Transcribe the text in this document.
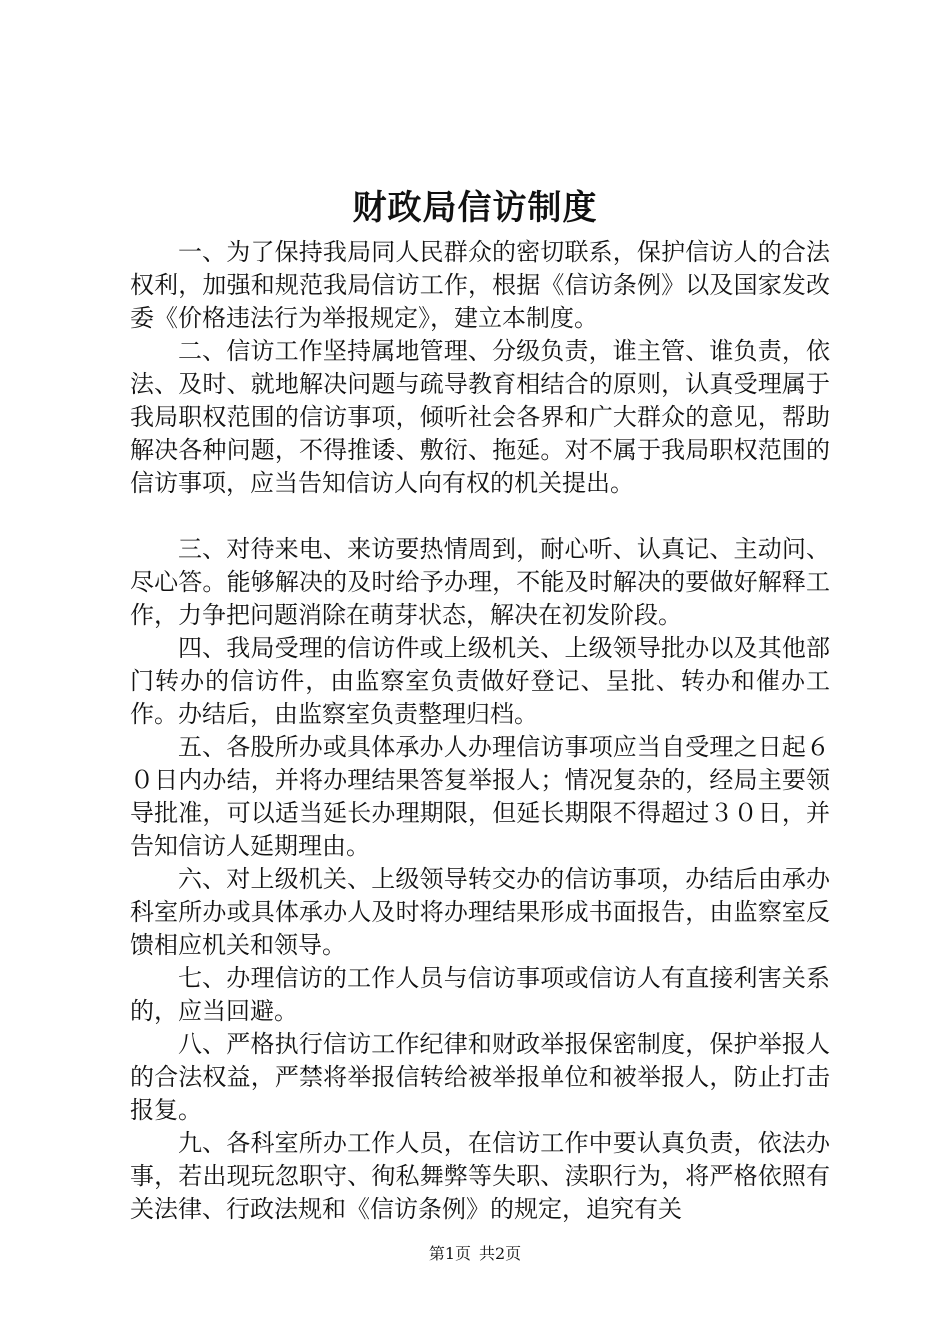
财政局信访制度

一、为了保持我局同人民群众的密切联系，保护信访人的合法权利，加强和规范我局信访工作，根据《信访条例》以及国家发改委《价格违法行为举报规定》，建立本制度。

二、信访工作坚持属地管理、分级负责，谁主管、谁负责，依法、及时、就地解决问题与疏导教育相结合的原则，认真受理属于我局职权范围的信访事项，倾听社会各界和广大群众的意见，帮助解决各种问题，不得推诿、敷衍、拖延。对不属于我局职权范围的信访事项，应当告知信访人向有权的机关提出。

三、对待来电、来访要热情周到，耐心听、认真记、主动问、尽心答。能够解决的及时给予办理，不能及时解决的要做好解释工作，力争把问题消除在萌芽状态，解决在初发阶段。

四、我局受理的信访件或上级机关、上级领导批办以及其他部门转办的信访件，由监察室负责做好登记、呈批、转办和催办工作。办结后，由监察室负责整理归档。

五、各股所办或具体承办人办理信访事项应当自受理之日起６０日内办结，并将办理结果答复举报人；情况复杂的，经局主要领导批准，可以适当延长办理期限，但延长期限不得超过３０日，并告知信访人延期理由。

六、对上级机关、上级领导转交办的信访事项，办结后由承办科室所办或具体承办人及时将办理结果形成书面报告，由监察室反馈相应机关和领导。

七、办理信访的工作人员与信访事项或信访人有直接利害关系的，应当回避。

八、严格执行信访工作纪律和财政举报保密制度，保护举报人的合法权益，严禁将举报信转给被举报单位和被举报人，防止打击报复。

九、各科室所办工作人员，在信访工作中要认真负责，依法办事，若出现玩忽职守、徇私舞弊等失职、渎职行为，将严格依照有关法律、行政法规和《信访条例》的规定，追究有关

第1页 共2页
